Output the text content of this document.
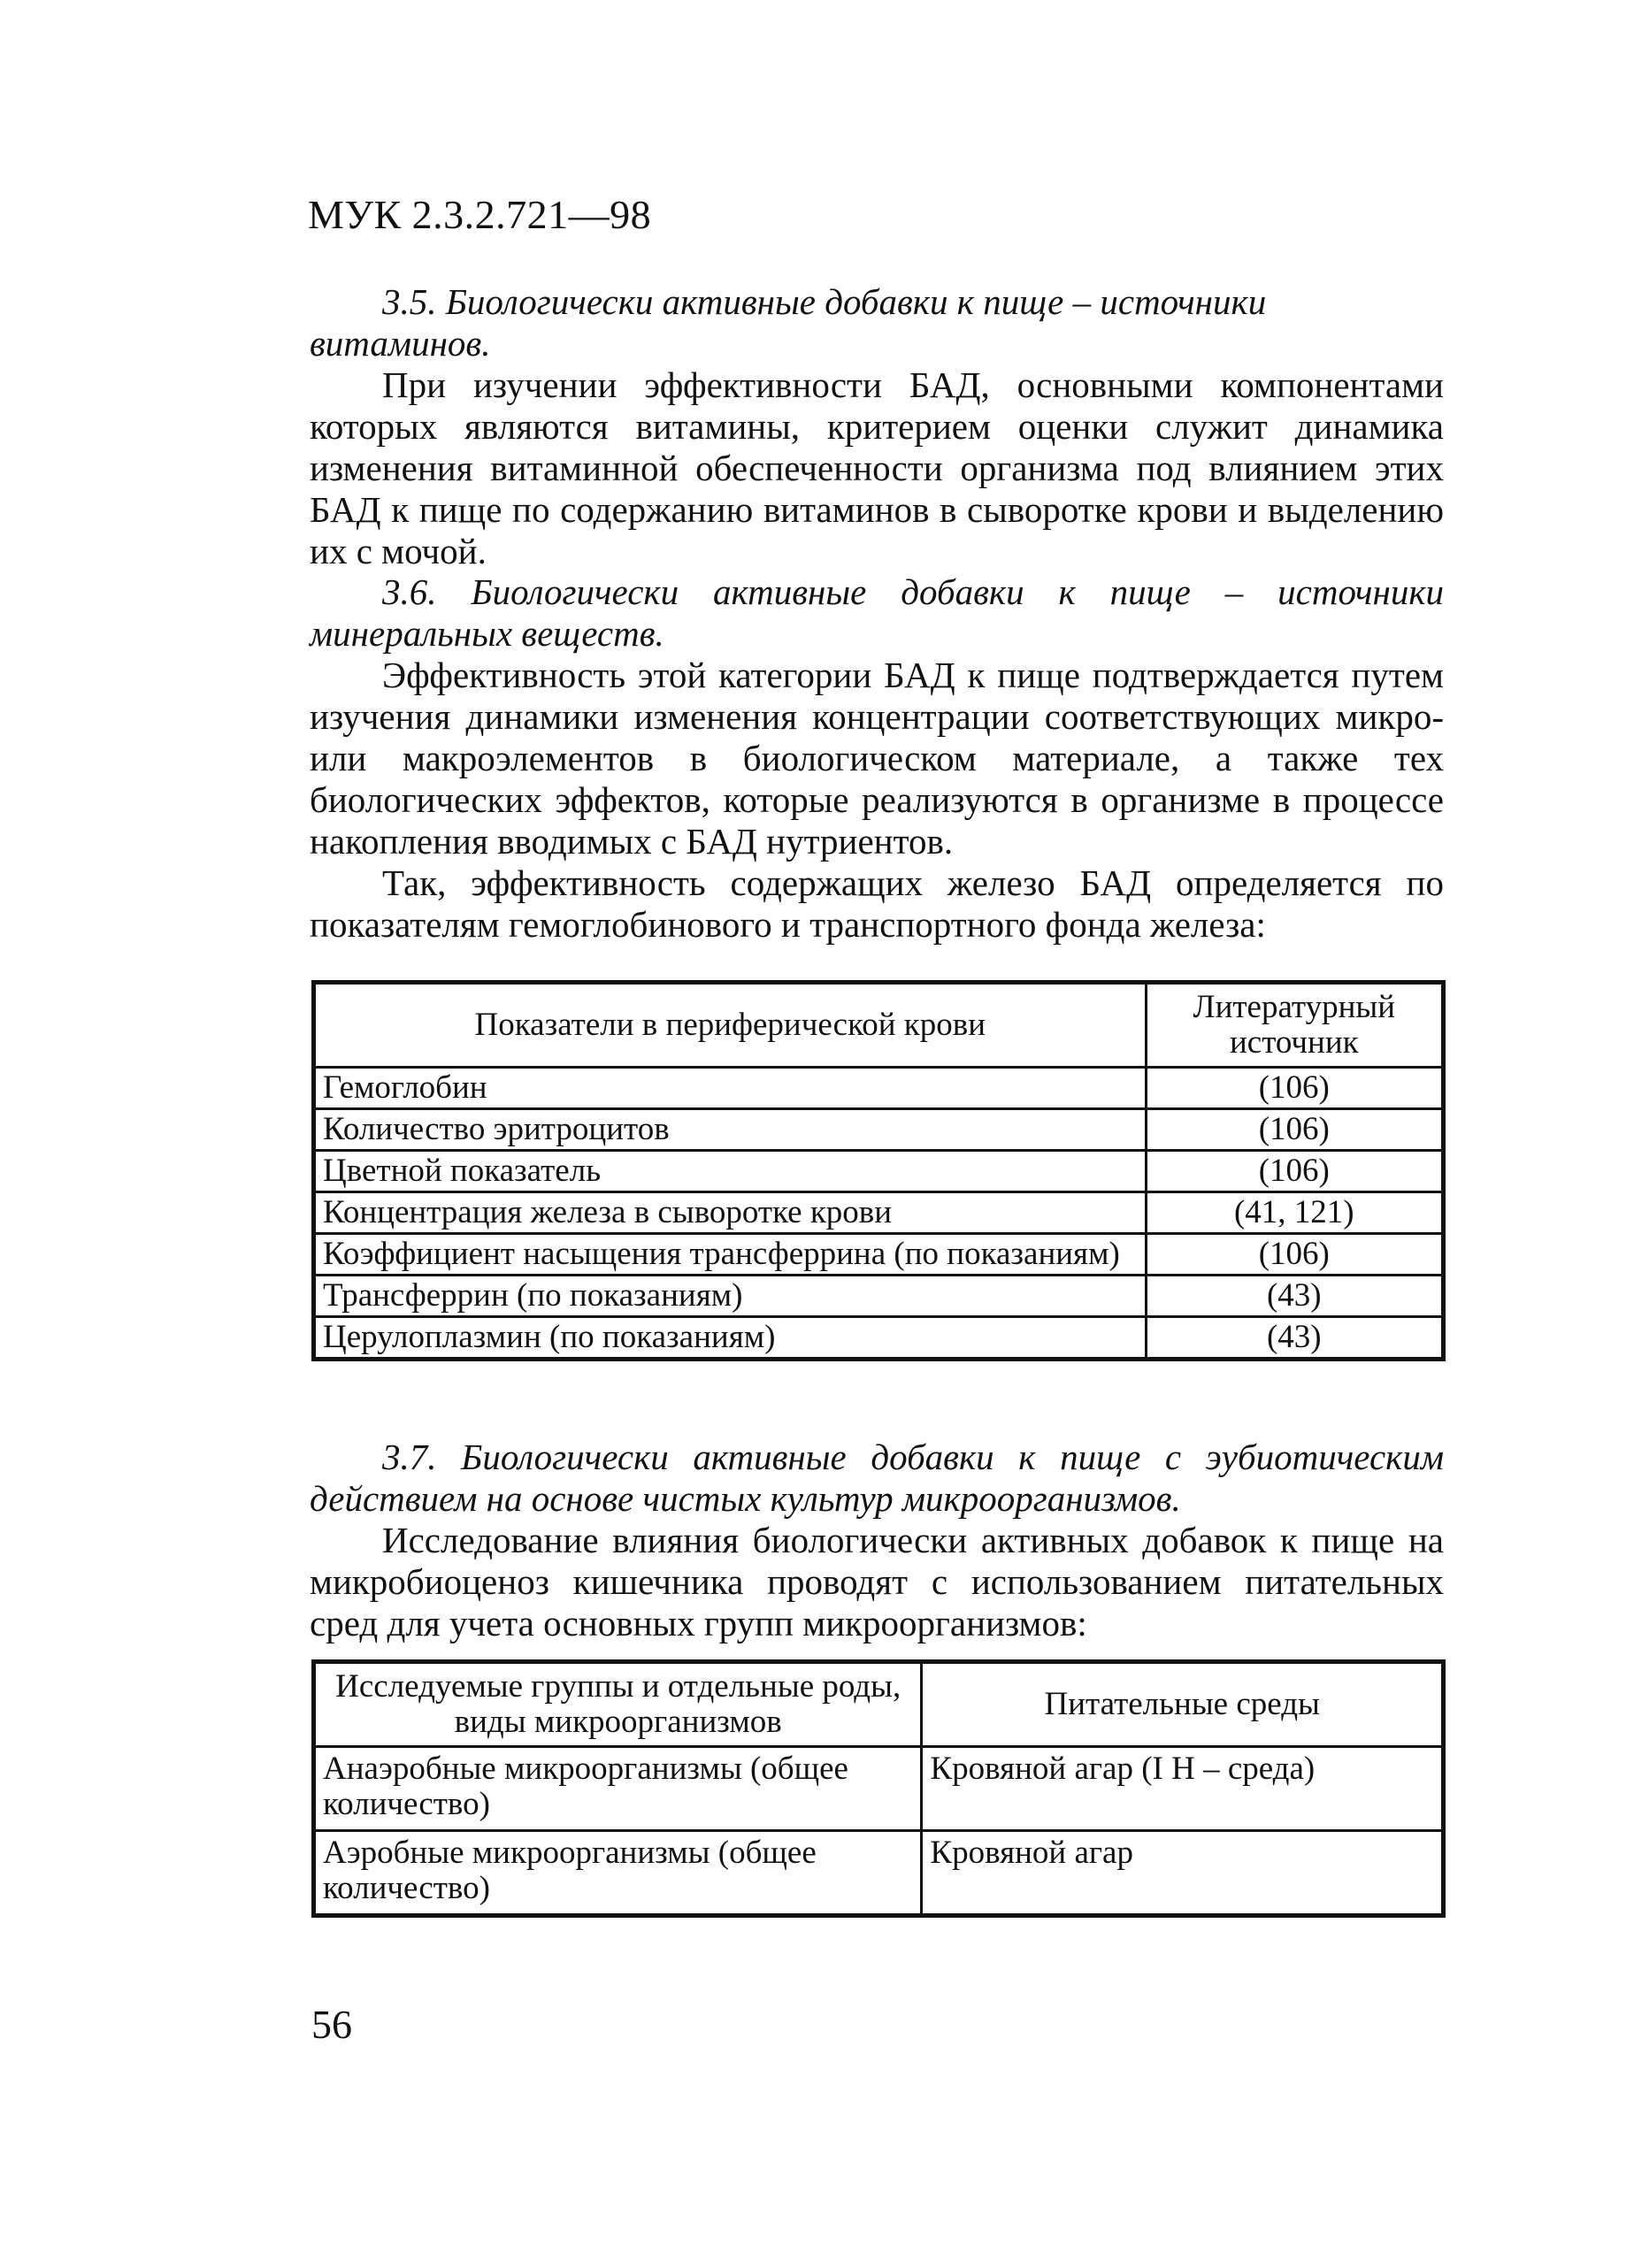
МУК 2.3.2.721—98

3.5. Биологически активные добавки к пище – источники витаминов.

При изучении эффективности БАД, основными компонентами которых являются витамины, критерием оценки служит динамика изменения витаминной обеспеченности организма под влиянием этих БАД к пище по содержанию витаминов в сыворотке крови и выделению их с мочой.

3.6. Биологически активные добавки к пище – источники минеральных веществ.

Эффективность этой категории БАД к пище подтверждается путем изучения динамики изменения концентрации соответствующих микро- или макроэлементов в биологическом материале, а также тех биологических эффектов, которые реализуются в организме в процессе накопления вводимых с БАД нутриентов.

Так, эффективность содержащих железо БАД определяется по показателям гемоглобинового и транспортного фонда железа:

Показатели в периферической крови	Литературный источник
Гемоглобин	(106)
Количество эритроцитов	(106)
Цветной показатель	(106)
Концентрация железа в сыворотке крови	(41, 121)
Коэффициент насыщения трансферрина (по показаниям)	(106)
Трансферрин (по показаниям)	(43)
Церулоплазмин (по показаниям)	(43)

3.7. Биологически активные добавки к пище с эубиотическим действием на основе чистых культур микроорганизмов.

Исследование влияния биологически активных добавок к пище на микробиоценоз кишечника проводят с использованием питательных сред для учета основных групп микроорганизмов:

Исследуемые группы и отдельные роды, виды микроорганизмов	Питательные среды
Анаэробные микроорганизмы (общее количество)	Кровяной агар (I H – среда)
Аэробные микроорганизмы (общее количество)	Кровяной агар
56
